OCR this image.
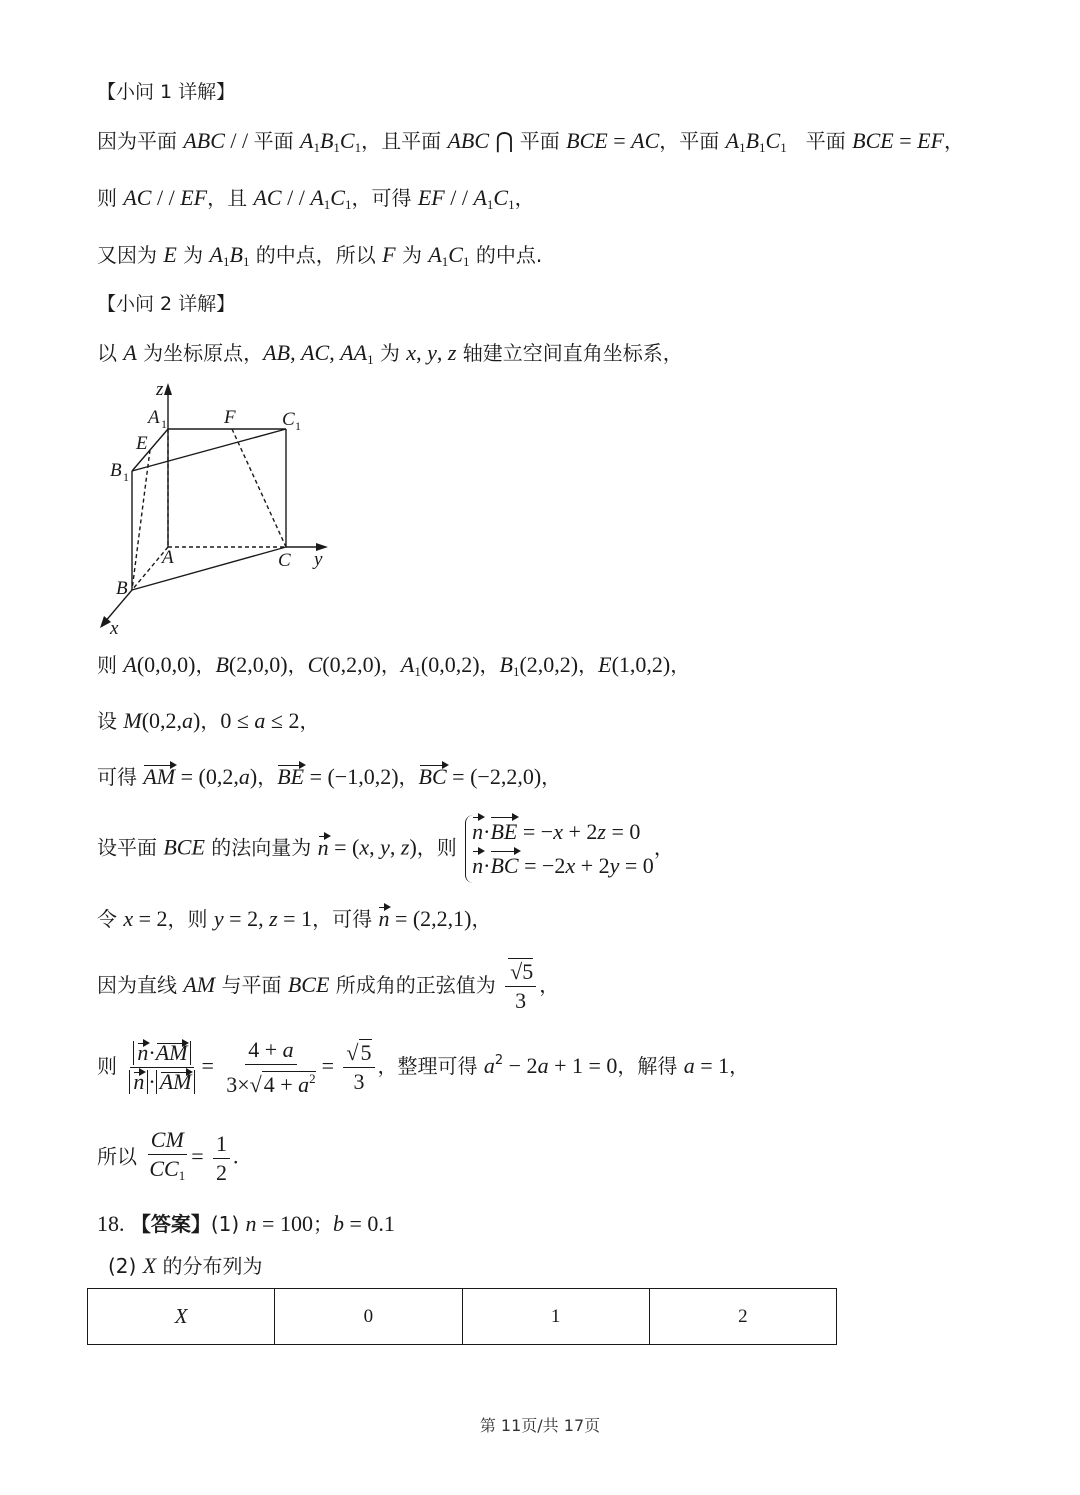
【小问 1 详解】
因为平面 ABC / / 平面 $A_1B_1C_1$，且平面 ABC ⋂ 平面 BCE = AC，平面 $A_1B_1C_1$   平面 BCE = EF，
则 AC / / EF，且 AC / / $A_1C_1$，可得 EF / / $A_1C_1$，
又因为 E 为 $A_1B_1$ 的中点，所以 F 为 $A_1C_1$ 的中点.
【小问 2 详解】
以 A 为坐标原点，AB, AC, $AA_1$ 为 x, y, z 轴建立空间直角坐标系，
z
A 1	F C 1
E
B 1
A	C y
B
x
则 A(0,0,0)，B(2,0,0)，C(0,2,0)，$A_1(0,0,2)$，$B_1(2,0,2)$，E(1,0,2)，
设 M(0,2,a)，0 ≤ a ≤ 2，
可得 AM = (0,2,a)，BE = (−1,0,2)，BC = (−2,2,0)，
设平面 BCE 的法向量为 n = (x, y, z)，则
n·BE = −x + 2z = 0
n·BC = −2x + 2y = 0
，
令 x = 2，则 y = 2, z = 1，可得 n = (2,2,1)，
因为直线 AM 与平面 BCE 所成角的正弦值为 $\frac{√5}{3}$ ，
则 $\frac{n\cdot AM}{n \cdot AM} = \frac{4 + a}{3\times√4 + a^2} = \frac{√5}{3}$ ，整理可得 $a^2 - 2a + 1 = 0$，解得 a = 1，
所以 $\frac{CM}{CC_1} = \frac{1}{2}$ .
18. 【答案】(1) n = 100；b = 0.1
(2) X 的分布列为
X	0	1	2
第 11页/共 17页
